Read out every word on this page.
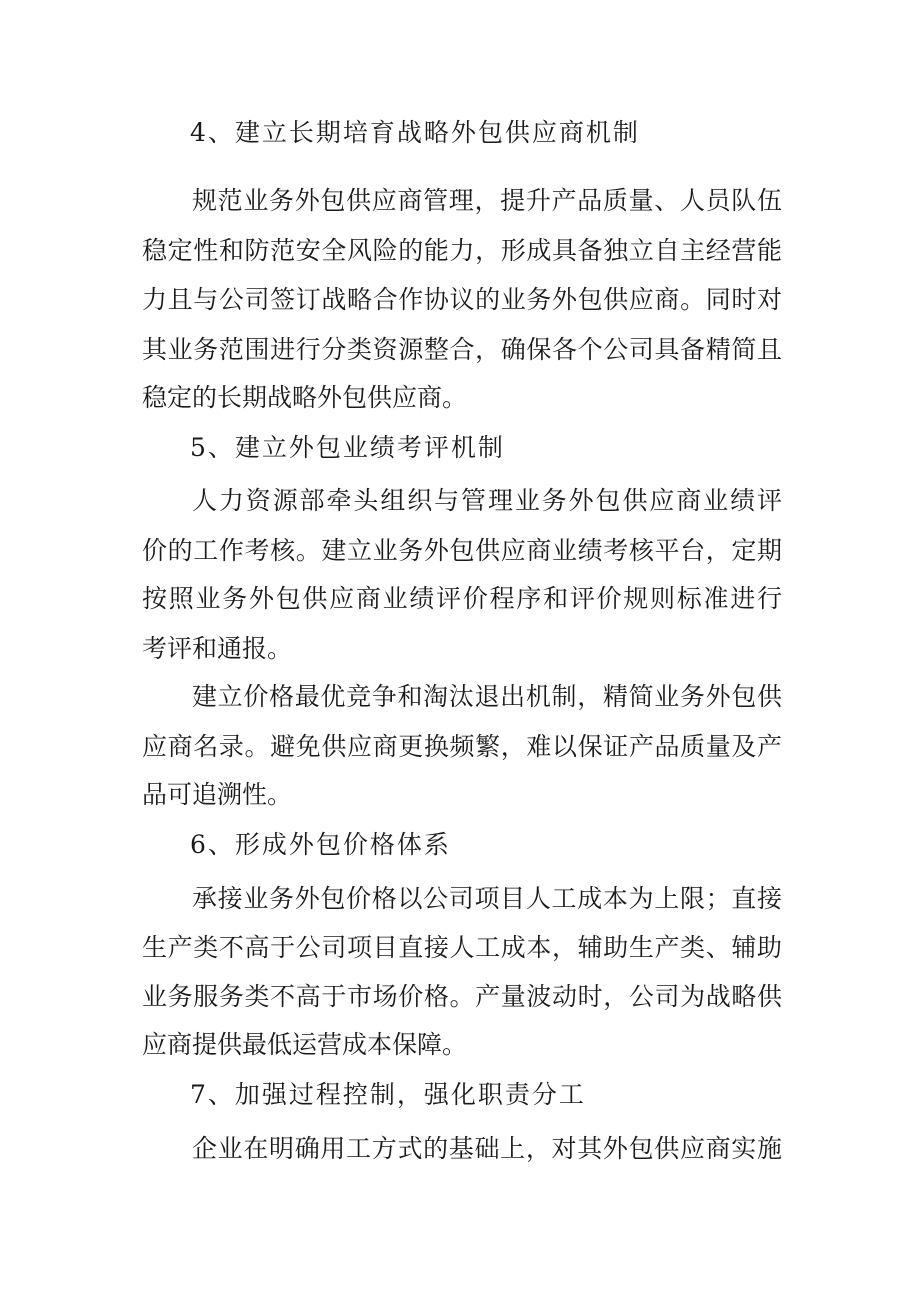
4、建立长期培育战略外包供应商机制
规范业务外包供应商管理，提升产品质量、人员队伍
稳定性和防范安全风险的能力，形成具备独立自主经营能
力且与公司签订战略合作协议的业务外包供应商。同时对
其业务范围进行分类资源整合，确保各个公司具备精简且
稳定的长期战略外包供应商。
5、建立外包业绩考评机制
人力资源部牵头组织与管理业务外包供应商业绩评
价的工作考核。建立业务外包供应商业绩考核平台，定期
按照业务外包供应商业绩评价程序和评价规则标准进行
考评和通报。
建立价格最优竞争和淘汰退出机制，精简业务外包供
应商名录。避免供应商更换频繁，难以保证产品质量及产
品可追溯性。
6、形成外包价格体系
承接业务外包价格以公司项目人工成本为上限；直接
生产类不高于公司项目直接人工成本，辅助生产类、辅助
业务服务类不高于市场价格。产量波动时，公司为战略供
应商提供最低运营成本保障。
7、加强过程控制，强化职责分工
企业在明确用工方式的基础上，对其外包供应商实施
